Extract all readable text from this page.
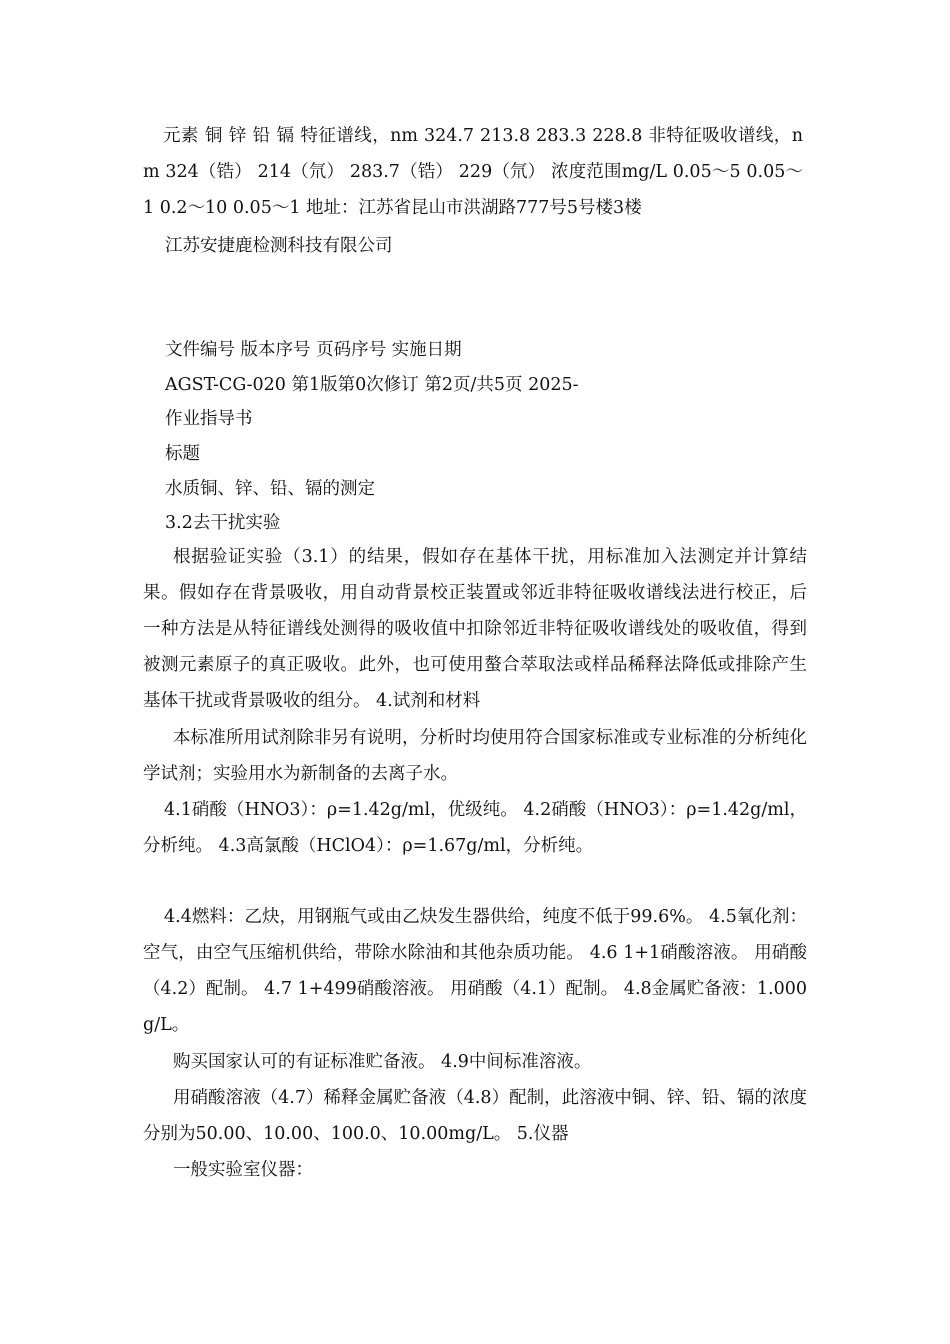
元素 铜 锌 铅 镉 特征谱线，nm 324.7 213.8 283.3 228.8 非特征吸收谱线，nm 324（锆） 214（氘） 283.7（锆） 229（氘） 浓度范围mg/L 0.05～5 0.05～1 0.2～10 0.05～1 地址：江苏省昆山市洪湖路777号5号楼3楼
江苏安捷鹿检测科技有限公司
文件编号 版本序号 页码序号 实施日期
AGST-CG-020 第1版第0次修订 第2页/共5页 2025-
作业指导书
标题
水质铜、锌、铅、镉的测定
3.2去干扰实验
根据验证实验（3.1）的结果，假如存在基体干扰，用标准加入法测定并计算结果。假如存在背景吸收，用自动背景校正装置或邻近非特征吸收谱线法进行校正，后一种方法是从特征谱线处测得的吸收值中扣除邻近非特征吸收谱线处的吸收值，得到被测元素原子的真正吸收。此外，也可使用螯合萃取法或样品稀释法降低或排除产生基体干扰或背景吸收的组分。 4.试剂和材料
本标准所用试剂除非另有说明，分析时均使用符合国家标准或专业标准的分析纯化学试剂；实验用水为新制备的去离子水。
4.1硝酸（HNO3）：ρ=1.42g/ml，优级纯。 4.2硝酸（HNO3）：ρ=1.42g/ml，分析纯。 4.3高氯酸（HClO4）：ρ=1.67g/ml，分析纯。
4.4燃料：乙炔，用钢瓶气或由乙炔发生器供给，纯度不低于99.6%。 4.5氧化剂：空气，由空气压缩机供给，带除水除油和其他杂质功能。 4.6 1+1硝酸溶液。 用硝酸（4.2）配制。 4.7 1+499硝酸溶液。 用硝酸（4.1）配制。 4.8金属贮备液：1.000g/L。
购买国家认可的有证标准贮备液。 4.9中间标准溶液。
用硝酸溶液（4.7）稀释金属贮备液（4.8）配制，此溶液中铜、锌、铅、镉的浓度分别为50.00、10.00、100.0、10.00mg/L。 5.仪器
一般实验室仪器：
